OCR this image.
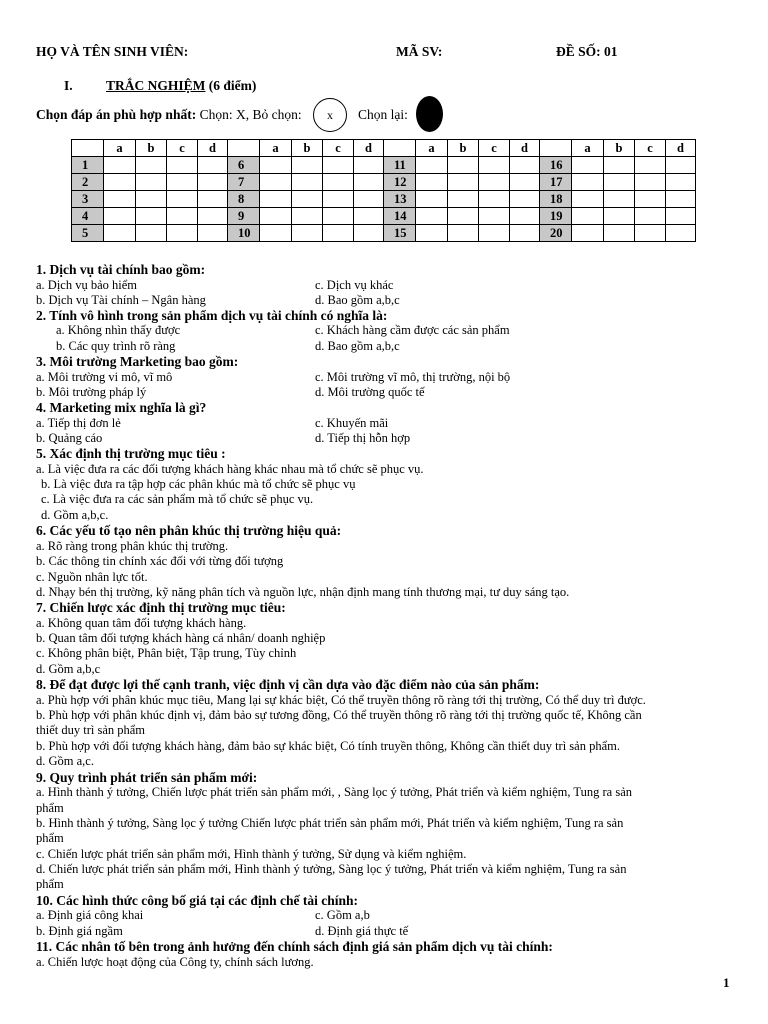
HỌ VÀ TÊN SINH VIÊN:	MÃ SV:	ĐỀ SỐ: 01
I. TRẮC NGHIỆM (6 điểm)
Chọn đáp án phù hợp nhất: Chọn: X, Bỏ chọn: x Chọn lại:
	a	b	c	d		a	b	c	d		a	b	c	d		a	b	c	d
1					6					11					16				
2					7					12					17				
3					8					13					18				
4					9					14					19				
5					10					15					20				
1. Dịch vụ tài chính bao gồm:
a. Dịch vụ bảo hiểm	c. Dịch vụ khác
b. Dịch vụ Tài chính – Ngân hàng	d. Bao gồm a,b,c
2. Tính vô hình trong sản phẩm dịch vụ tài chính có nghĩa là:
a. Không nhìn thấy được	c. Khách hàng cầm được các sản phẩm
b. Các quy trình rõ ràng	d. Bao gồm a,b,c
3. Môi trường Marketing bao gồm:
a. Môi trường vi mô, vĩ mô	c. Môi trường vĩ mô, thị trường, nội bộ
b. Môi trường pháp lý	d. Môi trường quốc tế
4. Marketing mix nghĩa là gì?
a. Tiếp thị đơn lẻ	c. Khuyến mãi
b. Quảng cáo	d. Tiếp thị hỗn hợp
5. Xác định thị trường mục tiêu :
a. Là việc đưa ra các đối tượng khách hàng khác nhau mà tổ chức sẽ phục vụ.
b. Là việc đưa ra tập hợp các phân khúc mà tổ chức sẽ phục vụ
c. Là việc đưa ra các sản phẩm mà tổ chức sẽ phục vụ.
d. Gồm a,b,c.
6. Các yếu tố tạo nên phân khúc thị trường hiệu quả:
a. Rõ ràng trong phân khúc thị trường.
b. Các thông tin chính xác đối với từng đối tượng
c. Nguồn nhân lực tốt.
d. Nhạy bén thị trường, kỹ năng phân tích và nguồn lực, nhận định mang tính thương mại, tư duy sáng tạo.
7. Chiến lược xác định thị trường mục tiêu:
a. Không quan tâm đối tượng khách hàng.
b. Quan tâm đối tượng khách hàng cá nhân/ doanh nghiệp
c. Không phân biệt, Phân biệt, Tập trung, Tùy chỉnh
d. Gồm a,b,c
8. Để đạt được lợi thế cạnh tranh, việc định vị cần dựa vào đặc điểm nào của sản phẩm:
a. Phù hợp với phân khúc mục tiêu, Mang lại sự khác biệt, Có thể truyền thông rõ ràng tới thị trường, Có thể duy trì được.
b. Phù hợp với phân khúc định vị, đảm bảo sự tương đồng, Có thể truyền thông rõ ràng tới thị trường quốc tế, Không cần
thiết duy trì sản phẩm
b. Phù hợp với đối tượng khách hàng, đảm bảo sự khác biệt, Có tính truyền thông, Không cần thiết duy trì sản phẩm.
d. Gồm a,c.
9. Quy trình phát triển sản phẩm mới:
a. Hình thành ý tưởng, Chiến lược phát triển sản phẩm mới, , Sàng lọc ý tưởng, Phát triển và kiểm nghiệm, Tung ra sản
phẩm
b. Hình thành ý tưởng, Sàng lọc ý tưởng Chiến lược phát triển sản phẩm mới, Phát triển và kiểm nghiệm, Tung ra sản
phẩm
c. Chiến lược phát triển sản phẩm mới, Hình thành ý tưởng, Sử dụng và kiểm nghiệm.
d. Chiến lược phát triển sản phẩm mới, Hình thành ý tưởng, Sàng lọc ý tưởng, Phát triển và kiểm nghiệm, Tung ra sản
phẩm
10. Các hình thức công bố giá tại các định chế tài chính:
a. Định giá công khai	c. Gồm a,b
b. Định giá ngầm	d. Định giá thực tế
11. Các nhân tố bên trong ảnh hưởng đến chính sách định giá sản phẩm dịch vụ tài chính:
a. Chiến lược hoạt động của Công ty, chính sách lương.
1
